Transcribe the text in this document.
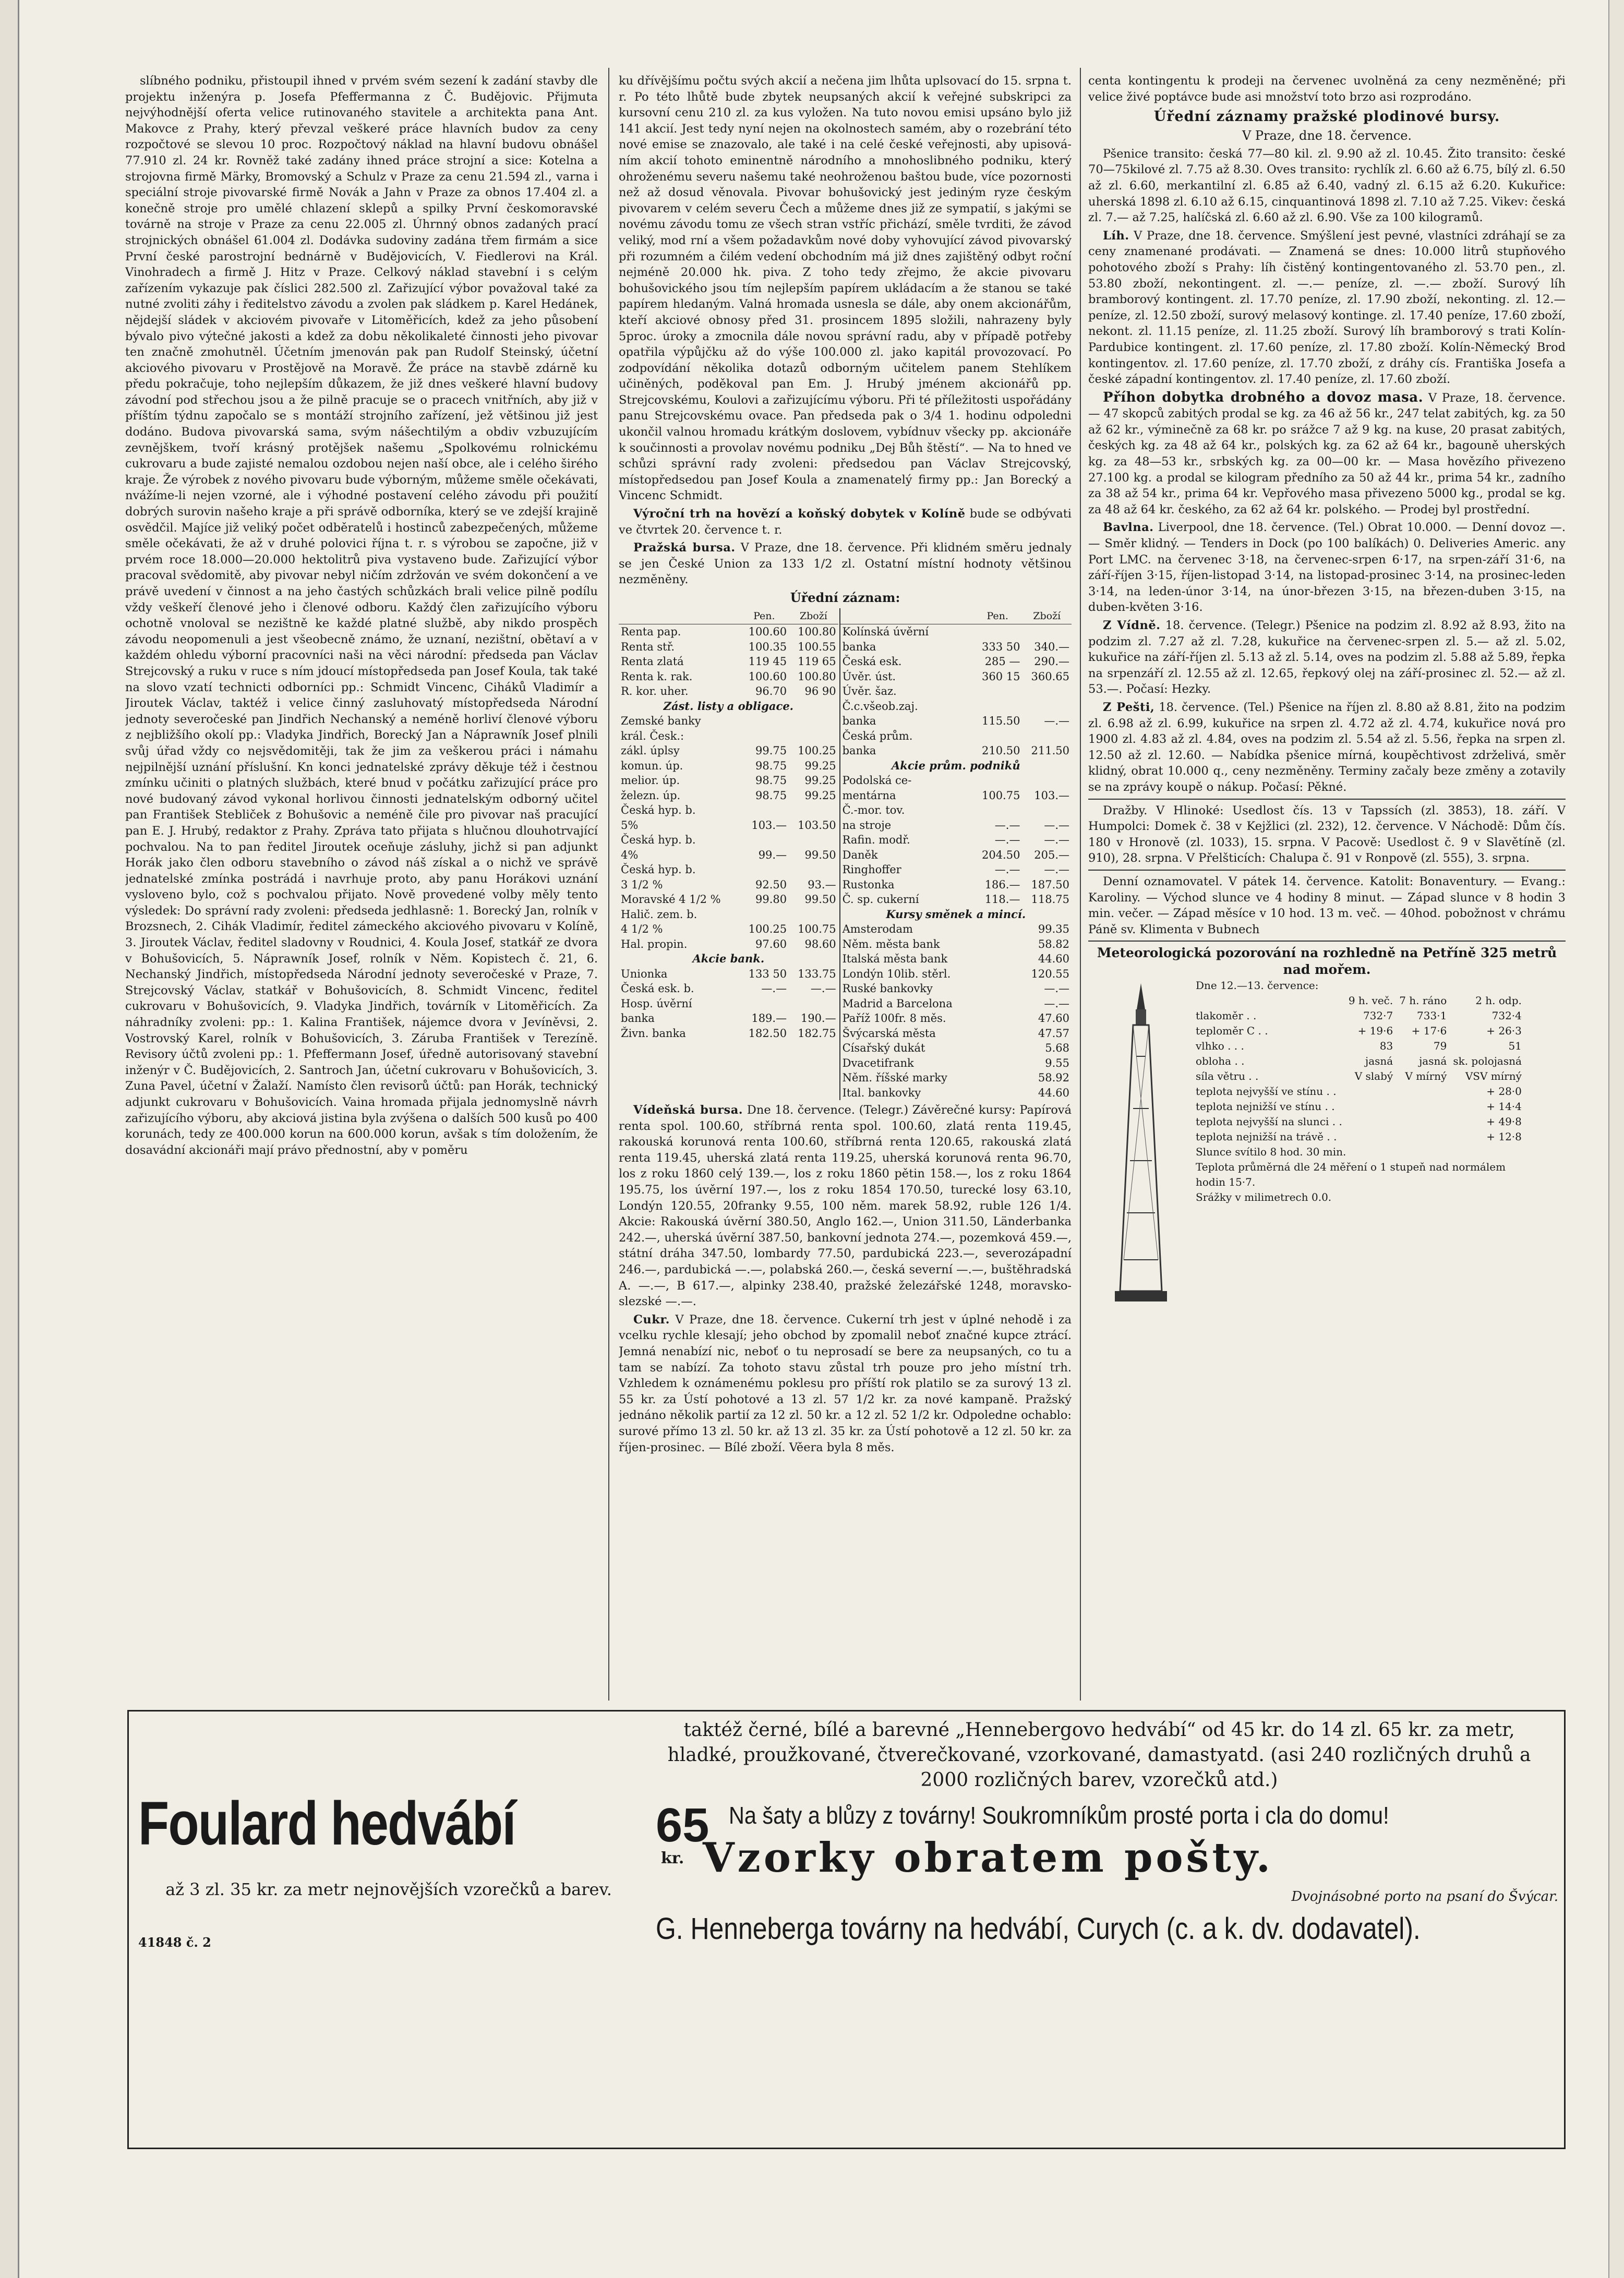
slíbného podniku, přistoupil ihned v prvém svém sezení k zadání stavby dle projektu inženýra p. Josefa Pfeffermanna z Č. Budějovic. Přijmuta nejvýhodnější oferta velice rutinovaného stavitele a architekta pana Ant. Makovce z Prahy, který převzal veškeré práce hlavních budov za ceny rozpočtové se slevou 10 proc. Rozpočtový náklad na hlavní budovu obnášel 77.910 zl. 24 kr. Rovněž také zadány ihned práce strojní a sice: Kotelna a strojovna firmě Märky, Bromovský a Schulz v Praze za cenu 21.594 zl., varna i speciální stroje pivovarské firmě Novák a Jahn v Praze za obnos 17.404 zl. a konečně stroje pro umělé chlazení sklepů a spilky První českomoravské továrně na stroje v Praze za cenu 22.005 zl. Úhrnný obnos zadaných prací strojnických obnášel 61.004 zl. Dodávka sudoviny zadána třem firmám a sice První české parostrojní bednárně v Budějovicích, V. Fiedlerovi na Král. Vinohradech a firmě J. Hitz v Praze. Celkový náklad stavební i s celým zařízením vykazuje pak číslici 282.500 zl. Zařizující výbor považoval také za nutné zvoliti záhy i ředitelstvo závodu a zvolen pak sládkem p. Karel Hedánek, nějdejší sládek v akciovém pivovaře v Litoměřicích, kdež za jeho působení bývalo pivo výtečné jakosti a kdež za dobu několikaleté činnosti jeho pivovar ten značně zmohutněl. Účetním jmenován pak pan Rudolf Steinský, účetní akciového pivovaru v Prostějově na Moravě. Že práce na stavbě zdárně ku předu pokračuje, toho nejlepším důkazem, že již dnes veškeré hlavní budovy závodní pod střechou jsou a že pilně pracuje se o pracech vnitřních, aby již v příštím týdnu započalo se s montáží strojního zařízení, jež většinou již jest dodáno. Budova pivovarská sama, svým nášechtilým a obdiv vzbuzujícím zevnějškem, tvoří krásný protějšek našemu „Spolkovému rolnickému cukrovaru a bude zajisté nemalou ozdobou nejen naší obce, ale i celého širého kraje. Že výrobek z nového pivovaru bude výborným, můžeme směle očekávati, nvážíme-li nejen vzorné, ale i výhodné postavení celého závodu při použití dobrých surovin našeho kraje a při správě odborníka, který se ve zdejší krajině osvědčil. Majíce již veliký počet odběratelů i hostinců zabezpečených, můžeme směle očekávati, že až v druhé polovici října t. r. s výrobou se započne, již v prvém roce 18.000—20.000 hektolitrů piva vystaveno bude. Zařizující výbor pracoval svědomitě, aby pivovar nebyl ničím zdržován ve svém dokončení a ve právě uvedení v činnost a na jeho častých schůzkách brali velice pilně podílu vždy veškeří členové jeho i členové odboru. Každý člen zařizujícího výboru ochotně vnoloval se nezištně ke každé platné službě, aby nikdo prospěch závodu neopomenuli a jest všeobecně známo, že uznaní, nezištní, obětaví a v každém ohledu výborní pracovníci naši na věci národní: předseda pan Václav Strejcovský a ruku v ruce s ním jdoucí místopředseda pan Josef Koula, tak také na slovo vzatí technicti odborníci pp.: Schmidt Vincenc, Ciháků Vladimír a Jiroutek Václav, taktéž i velice činný zasluhovatý místopředseda Národní jednoty severočeské pan Jindřich Nechanský a neméně horliví členové výboru z nejbližšího okolí pp.: Vladyka Jindřich, Borecký Jan a Náprawník Josef plnili svůj úřad vždy co nejsvědomitěji, tak že jim za veškerou práci i námahu nejpilnější uznání příslušní. Kn konci jednatelské zprávy děkuje též i čestnou zmínku učiniti o platných službách, které bnud v počátku zařizující práce pro nové budovaný závod vykonal horlivou činnosti jednatelským odborný učitel pan František Stebliček z Bohušovic a neméně čile pro pivovar naš pracující pan E. J. Hrubý, redaktor z Prahy. Zpráva tato přijata s hlučnou dlouhotrvající pochvalou. Na to pan ředitel Jiroutek oceňuje zásluhy, jichž si pan adjunkt Horák jako člen odboru stavebního o závod náš získal a o nichž ve správě jednatelské zmínka postrádá i navrhuje proto, aby panu Horákovi uznání vysloveno bylo, což s pochvalou přijato. Nově provedené volby měly tento výsledek: Do správní rady zvoleni: předseda jedhlasně: 1. Borecký Jan, rolník v Brozsnech, 2. Cihák Vladimír, ředitel zámeckého akciového pivovaru v Kolíně, 3. Jiroutek Václav, ředitel sladovny v Roudnici, 4. Koula Josef, statkář ze dvora v Bohušovicích, 5. Náprawník Josef, rolník v Něm. Kopistech č. 21, 6. Nechanský Jindřich, místopředseda Národní jednoty severočeské v Praze, 7. Strejcovský Václav, statkář v Bohušovicích, 8. Schmidt Vincenc, ředitel cukrovaru v Bohušovicích, 9. Vladyka Jindřich, továrník v Litoměřicích. Za náhradníky zvoleni: pp.: 1. Kalina František, nájemce dvora v Jevíněvsi, 2. Vostrovský Karel, rolník v Bohušovicích, 3. Záruba František v Terezíně. Revisory účtů zvoleni pp.: 1. Pfeffermann Josef, úředně autorisovaný stavební inženýr v Č. Budějovicích, 2. Santroch Jan, účetní cukrovaru v Bohušovicích, 3. Zuna Pavel, účetní v Žalaží. Namísto člen revisorů účtů: pan Horák, technický adjunkt cukrovaru v Bohušovicích. Vaina hromada přijala jednomyslně návrh zařizujícího výboru, aby akciová jistina byla zvýšena o dalších 500 kusů po 400 korunách, tedy ze 400.000 korun na 600.000 korun, avšak s tím doložením, že dosavádní akcionáři mají právo přednostní, aby v poměru

ku dřívějšímu počtu svých akcií a nečena jim lhůta uplsovací do 15. srpna t. r. Po této lhůtě bude zbytek neupsaných akcií k veřejné subskripci za kursovní cenu 210 zl. za kus vyložen. Na tuto novou emisi upsáno bylo již 141 akcií. Jest tedy nyní nejen na okolnostech samém, aby o rozebrání této nové emise se znazovalo, ale také i na celé české veřejnosti, aby upisováním akcií tohoto eminentně národního a mnohoslibného podniku, který ohroženému severu našemu také neohroženou baštou bude, více pozornosti než až dosud věnovala. Pivovar bohušovický jest jediným ryze českým pivovarem v celém severu Čech a můžeme dnes již ze sympatií, s jakými se novému závodu tomu ze všech stran vstříc přichází, směle tvrditi, že závod veliký, mod rní a všem požadavkům nové doby vyhovující závod pivovarský při rozumném a čilém vedení obchodním má již dnes zajištěný odbyt roční nejméně 20.000 hk. piva. Z toho tedy zřejmo, že akcie pivovaru bohušovického jsou tím nejlepším papírem ukládacím a že stanou se také papírem hledaným. Valná hromada usnesla se dále, aby onem akcionářům, kteří akciové obnosy před 31. prosincem 1895 složili, nahrazeny byly 5proc. úroky a zmocnila dále novou správní radu, aby v případě potřeby opatřila výpůjčku až do výše 100.000 zl. jako kapitál provozovací. Po zodpovídání několika dotazů odborným učitelem panem Stehlíkem učiněných, poděkoval pan Em. J. Hrubý jménem akcionářů pp. Strejcovskému, Koulovi a zařizujícímu výboru. Při té příležitosti uspořádány panu Strejcovskému ovace. Pan předseda pak o 3/4 1. hodinu odpoledni ukončil valnou hromadu krátkým doslovem, vybídnuv všecky pp. akcionáře k součinnosti a provolav novému podniku „Dej Bůh štěstí“. — Na to hned ve schůzi správní rady zvoleni: předsedou pan Václav Strejcovský, místopředsedou pan Josef Koula a znamenatelý firmy pp.: Jan Borecký a Vincenc Schmidt.

Výroční trh na hovězí a koňský dobytek v Kolíně bude se odbývati ve čtvrtek 20. července t. r.

Pražská bursa. V Praze, dne 18. července. Při klidném směru jednaly se jen České Union za 133 1/2 zl. Ostatní místní hodnoty většinou nezměněny.

Úřední záznam:
	Pen.	Zboží			Pen.	Zboží
Renta pap.	100.60	100.80		Kolínská úvěrní		
Renta stř.	100.35	100.55		banka	333 50	340.—
Renta zlatá	119 45	119 65		Česká esk.	285 —	290.—
Renta k. rak.	100.60	100.80		Úvěr. úst.	360 15	360.65
R. kor. uher.	96.70	96 90		Úvěr. šaz.		
Zást. listy a obligace.				Č.c.všeob.zaj.		
Zemské banky				banka	115.50	—.—
král. Česk.:				Česká prům.		
zákl. úplsy	99.75	100.25		banka	210.50	211.50
komun. úp.	98.75	99.25		Akcie prům. podniků		
melior. úp.	98.75	99.25		Podolská ce-		
železn. úp.	98.75	99.25		mentárna	100.75	103.—
Česká hyp. b.				Č.-mor. tov.		
5%	103.—	103.50		na stroje	—.—	—.—
Česká hyp. b.				Rafin. modř.	—.—	—.—
4%	99.—	99.50		Daněk	204.50	205.—
Česká hyp. b.				Ringhoffer	—.—	—.—
3 1/2 %	92.50	93.—		Rustonka	186.—	187.50
Moravské 4 1/2 %	99.80	99.50		Č. sp. cukerní	118.—	118.75
Halič. zem. b.				Kursy směnek a mincí.		
4 1/2 %	100.25	100.75		Amsterodam		99.35
Hal. propin.	97.60	98.60		Něm. města bank		58.82
Akcie bank.				Italská města bank		44.60
Unionka	133 50	133.75		Londýn 10lib. stěrl.		120.55
Česká esk. b.	—.—	—.—		Ruské bankovky		—.—
Hosp. úvěrní				Madrid a Barcelona		—.—
banka	189.—	190.—		Paříž 100fr. 8 měs.		47.60
Živn. banka	182.50	182.75		Švýcarská města		47.57
				Císařský dukát		5.68
				Dvacetifrank		9.55
				Něm. říšské marky		58.92
				Ital. bankovky		44.60

Vídeňská bursa. Dne 18. července. (Telegr.) Závěrečné kursy: Papírová renta spol. 100.60, stříbrná renta spol. 100.60, zlatá renta 119.45, rakouská korunová renta 100.60, stříbrná renta 120.65, rakouská zlatá renta 119.45, uherská zlatá renta 119.25, uherská korunová renta 96.70, los z roku 1860 celý 139.—, los z roku 1860 pětin 158.—, los z roku 1864 195.75, los úvěrní 197.—, los z roku 1854 170.50, turecké losy 63.10, Londýn 120.55, 20franky 9.55, 100 něm. marek 58.92, ruble 126 1/4. Akcie: Rakouská úvěrní 380.50, Anglo 162.—, Union 311.50, Länderbanka 242.—, uherská úvěrní 387.50, bankovní jednota 274.—, pozemková 459.—, státní dráha 347.50, lombardy 77.50, pardubická 223.—, severozápadní 246.—, pardubická —.—, polabská 260.—, česká severní —.—, buštěhradská A. —.—, B 617.—, alpinky 238.40, pražské železářské 1248, moravsko-slezské —.—.

Cukr. V Praze, dne 18. července. Cukerní trh jest v úplné nehodě i za vcelku rychle klesají; jeho obchod by zpomalil neboť značné kupce ztrácí. Jemná nenabízí nic, neboť o tu neprosadí se bere za neupsaných, co tu a tam se nabízí. Za tohoto stavu zůstal trh pouze pro jeho místní trh. Vzhledem k oznámenému poklesu pro příští rok platilo se za surový 13 zl. 55 kr. za Ústí pohotové a 13 zl. 57 1/2 kr. za nové kampaně. Pražský jednáno několik partií za 12 zl. 50 kr. a 12 zl. 52 1/2 kr. Odpoledne ochablo: surové přímo 13 zl. 50 kr. až 13 zl. 35 kr. za Ústí pohotově a 12 zl. 50 kr. za říjen-prosinec. — Bílé zboží. Věera byla 8 měs.

centa kontingentu k prodeji na červenec uvolněná za ceny nezměněné; při velice živé poptávce bude asi množství toto brzo asi rozprodáno.

Úřední záznamy pražské plodinové bursy.
V Praze, dne 18. července.

Pšenice transito: česká 77—80 kil. zl. 9.90 až zl. 10.45. Žito transito: české 70—75kilové zl. 7.75 až 8.30. Oves transito: rychlík zl. 6.60 až 6.75, bílý zl. 6.50 až zl. 6.60, merkantilní zl. 6.85 až 6.40, vadný zl. 6.15 až 6.20. Kukuřice: uherská 1898 zl. 6.10 až 6.15, cinquantinová 1898 zl. 7.10 až 7.25. Vikev: česká zl. 7.— až 7.25, halíčská zl. 6.60 až zl. 6.90. Vše za 100 kilogramů.

Líh. V Praze, dne 18. července. Smýšlení jest pevné, vlastníci zdráhají se za ceny znamenané prodávati. — Znamená se dnes: 10.000 litrů stupňového pohotového zboží s Prahy: líh čistěný kontingentovaného zl. 53.70 pen., zl. 53.80 zboží, nekontingent. zl. —.— peníze, zl. —.— zboží. Surový líh bramborový kontingent. zl. 17.70 peníze, zl. 17.90 zboží, nekonting. zl. 12.— peníze, zl. 12.50 zboží, surový melasový kontinge. zl. 17.40 peníze, 17.60 zboží, nekont. zl. 11.15 peníze, zl. 11.25 zboží. Surový líh bramborový s trati Kolín-Pardubice kontingent. zl. 17.60 peníze, zl. 17.80 zboží. Kolín-Německý Brod kontingentov. zl. 17.60 peníze, zl. 17.70 zboží, z dráhy cís. Františka Josefa a české západní kontingentov. zl. 17.40 peníze, zl. 17.60 zboží.

Příhon dobytka drobného a dovoz masa. V Praze, 18. července. — 47 skopců zabitých prodal se kg. za 46 až 56 kr., 247 telat zabitých, kg. za 50 až 62 kr., výminečně za 68 kr. po srážce 7 až 9 kg. na kuse, 20 prasat zabitých, českých kg. za 48 až 64 kr., polských kg. za 62 až 64 kr., bagouně uherských kg. za 48—53 kr., srbských kg. za 00—00 kr. — Masa hovězího přivezeno 27.100 kg. a prodal se kilogram předního za 50 až 44 kr., prima 54 kr., zadního za 38 až 54 kr., prima 64 kr. Vepřového masa přivezeno 5000 kg., prodal se kg. za 48 až 64 kr. českého, za 62 až 64 kr. polského. — Prodej byl prostřední.

Bavlna. Liverpool, dne 18. července. (Tel.) Obrat 10.000. — Denní dovoz —. — Směr klidný. — Tenders in Dock (po 100 balíkách) 0. Deliveries Americ. any Port LMC. na červenec 3·18, na červenec-srpen 6·17, na srpen-září 31·6, na září-říjen 3·15, říjen-listopad 3·14, na listopad-prosinec 3·14, na prosinec-leden 3·14, na leden-únor 3·14, na únor-březen 3·15, na březen-duben 3·15, na duben-květen 3·16.

Z Vídně. 18. července. (Telegr.) Pšenice na podzim zl. 8.92 až 8.93, žito na podzim zl. 7.27 až zl. 7.28, kukuřice na červenec-srpen zl. 5.— až zl. 5.02, kukuřice na září-říjen zl. 5.13 až zl. 5.14, oves na podzim zl. 5.88 až 5.89, řepka na srpenzáří zl. 12.55 až zl. 12.65, řepkový olej na září-prosinec zl. 52.— až zl. 53.—. Počasí: Hezky.

Z Pešti, 18. července. (Tel.) Pšenice na říjen zl. 8.80 až 8.81, žito na podzim zl. 6.98 až zl. 6.99, kukuřice na srpen zl. 4.72 až zl. 4.74, kukuřice nová pro 1900 zl. 4.83 až zl. 4.84, oves na podzim zl. 5.54 až zl. 5.56, řepka na srpen zl. 12.50 až zl. 12.60. — Nabídka pšenice mírná, koupěchtivost zdrželivá, směr klidný, obrat 10.000 q., ceny nezměněny. Terminy začaly beze změny a zotavily se na zprávy koupě o nákup. Počasí: Pěkné.

Dražby. V Hlinoké: Usedlost čís. 13 v Tapssích (zl. 3853), 18. září. V Humpolci: Domek č. 38 v Kejžlici (zl. 232), 12. července. V Náchodě: Dům čís. 180 v Hronově (zl. 1033), 15. srpna. V Pacově: Usedlost č. 9 v Slavětíně (zl. 910), 28. srpna. V Přelšticích: Chalupa č. 91 v Ronpově (zl. 555), 3. srpna.

Denní oznamovatel. V pátek 14. července. Katolit: Bonaventury. — Evang.: Karoliny. — Východ slunce ve 4 hodiny 8 minut. — Západ slunce v 8 hodin 3 min. večer. — Západ měsíce v 10 hod. 13 m. več. — 40hod. pobožnost v chrámu Páně sv. Klimenta v Bubnech

Meteorologická pozorování na rozhledně na Petříně 325 metrů nad mořem.
Dne 12.—13. července:			
	9 h. več.	7 h. ráno	2 h. odp.
tlakoměr . .	732·7	733·1	732·4
teploměr C . .	+ 19·6	+ 17·6	+ 26·3
vlhko . . .	83	79	51
obloha . .	jasná	jasná	sk. polojasná
síla větru . .	V slabý	V mírný	VSV mírný
teplota nejvyšší ve stínu . .			+ 28·0
teplota nejnižší ve stínu . .			+ 14·4
teplota nejvyšší na slunci . .			+ 49·8
teplota nejnižší na trávě . .			+ 12·8
Slunce svítilo 8 hod. 30 min.			
Teplota průměrná dle 24 měření o 1 stupeň nad normálem hodin 15·7.			
Srážky v milimetrech 0.0.			
taktéž černé, bílé a barevné „Hennebergovo hedvábí“ od 45 kr. do 14 zl. 65 kr. za metr, hladké, proužkované, čtverečkované, vzorkované, damastyatd. (asi 240 rozličných druhů a 2000 rozličných barev, vzorečků atd.)
Foulard hedvábí	65
kr.
Na šaty a blůzy z továrny! Soukromníkům prosté porta i cla do domu!
Vzorky obratem pošty.
až 3 zl. 35 kr. za metr nejnovějších vzorečků a barev.
41848 č. 2
Dvojnásobné porto na psaní do Švýcar.
G. Henneberga továrny na hedvábí, Curych (c. a k. dv. dodavatel).
